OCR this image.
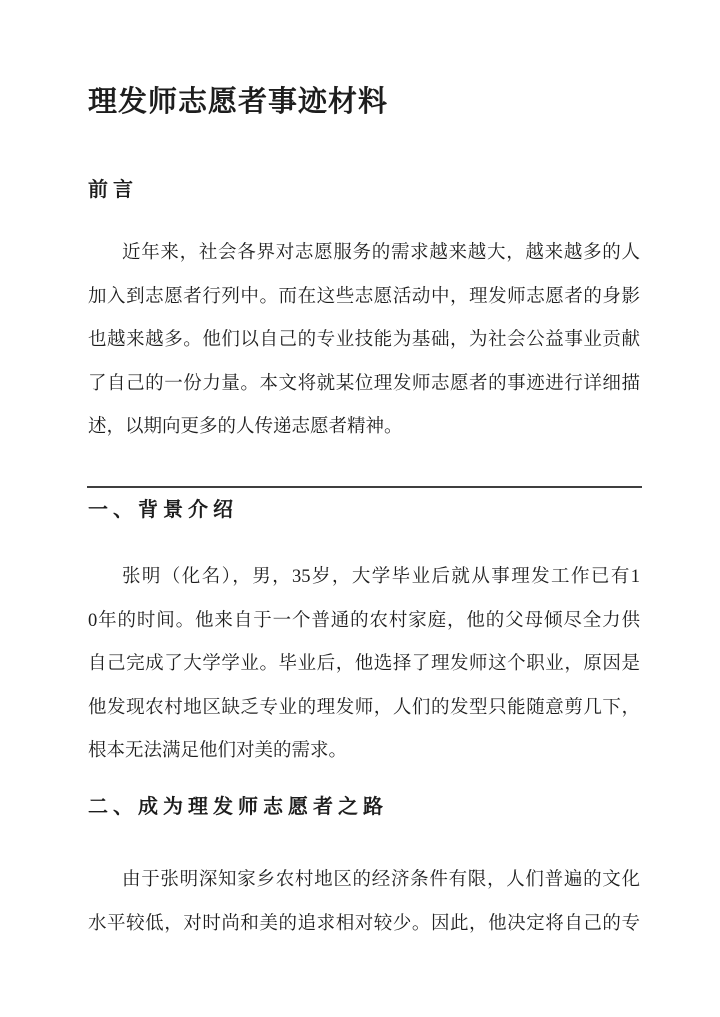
理发师志愿者事迹材料
前言

近年来，社会各界对志愿服务的需求越来越大，越来越多的人

加入到志愿者行列中。而在这些志愿活动中，理发师志愿者的身影

也越来越多。他们以自己的专业技能为基础，为社会公益事业贡献

了自己的一份力量。本文将就某位理发师志愿者的事迹进行详细描

述，以期向更多的人传递志愿者精神。

一、背景介绍

张明（化名），男，35岁，大学毕业后就从事理发工作已有1

0年的时间。他来自于一个普通的农村家庭，他的父母倾尽全力供

自己完成了大学学业。毕业后，他选择了理发师这个职业，原因是

他发现农村地区缺乏专业的理发师，人们的发型只能随意剪几下，

根本无法满足他们对美的需求。

二、成为理发师志愿者之路

由于张明深知家乡农村地区的经济条件有限，人们普遍的文化

水平较低，对时尚和美的追求相对较少。因此，他决定将自己的专
